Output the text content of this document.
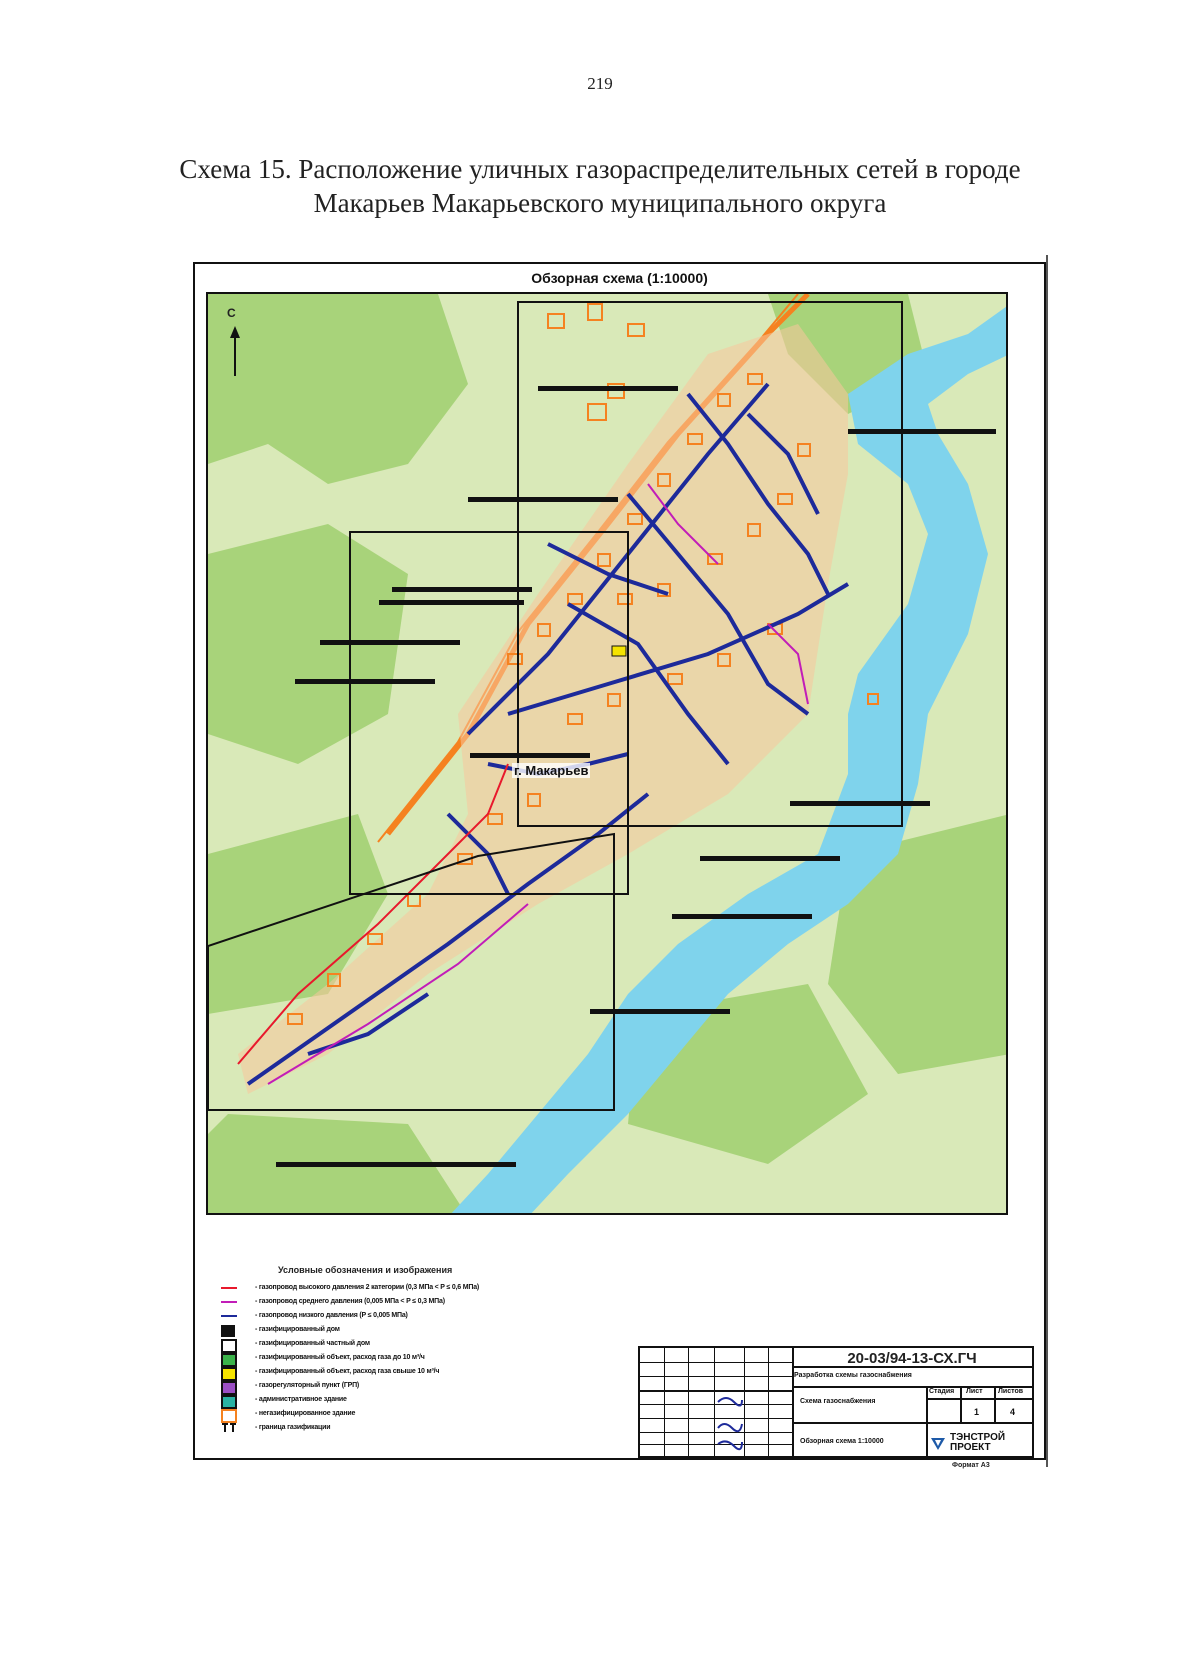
219
Схема 15. Расположение уличных газораспределительных сетей в городе
Макарьев Макарьевского муниципального округа
Обзорная схема (1:10000)
С
г. Макарьев
Условные обозначения и изображения
- газопровод высокого давления 2 категории (0,3 МПа < Р ≤ 0,6 МПа)
- газопровод среднего давления (0,005 МПа < Р ≤ 0,3 МПа)
- газопровод низкого давления (Р ≤ 0,005 МПа)
- газифицированный дом
- газифицированный частный дом
- газифицированный объект, расход газа до 10 м³/ч
- газифицированный объект, расход газа свыше 10 м³/ч
- газорегуляторный пункт (ГРП)
- административное здание
- негазифицированное здание
- граница газификации
20-03/94-13-СХ.ГЧ
Разработка схемы газоснабжения
Схема газоснабжения
Обзорная схема 1:10000
Стадия Лист Листов
1	4
ТЭНСТРОЙ
ПРОЕКТ
Формат А3
